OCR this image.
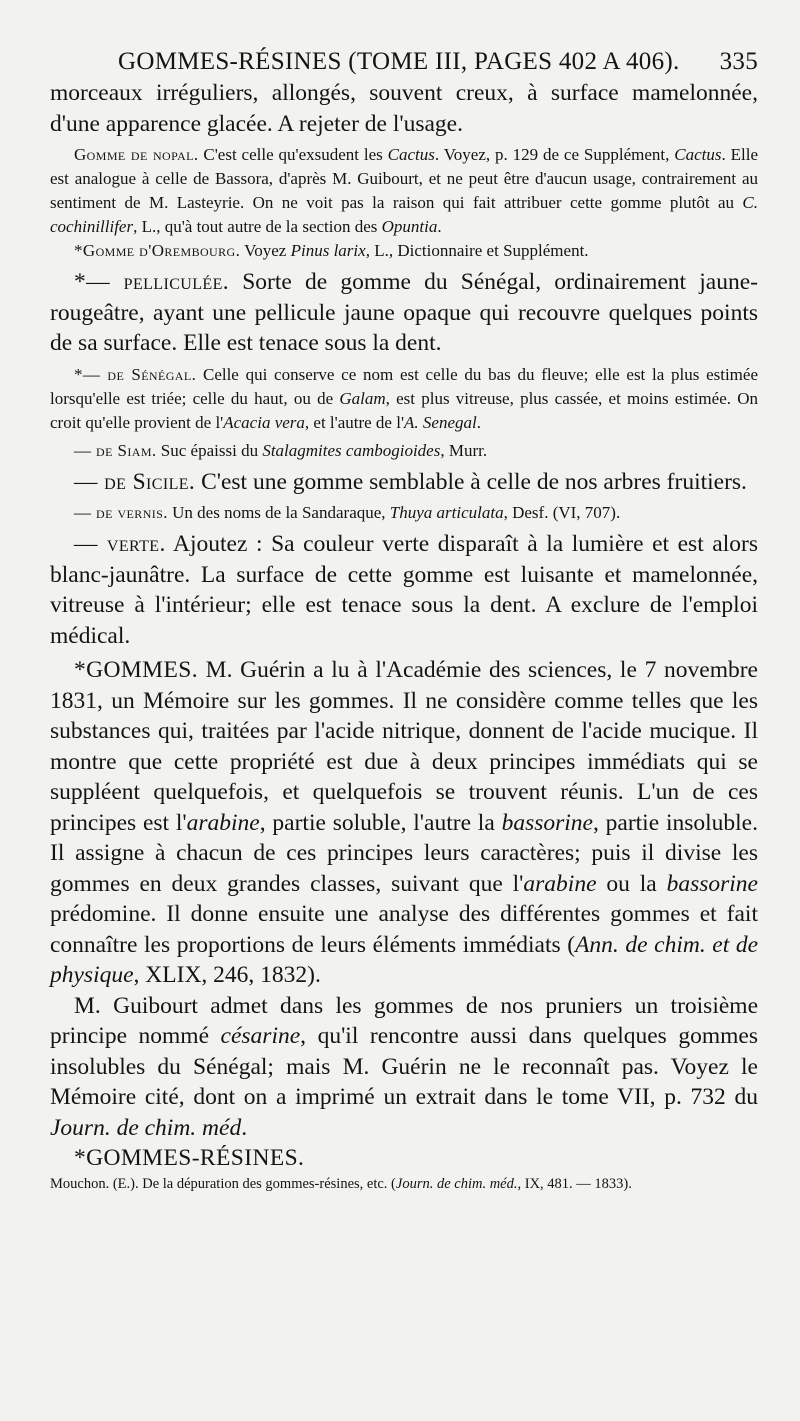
GOMMES-RÉSINES (TOME III, PAGES 402 A 406). 335

morceaux irréguliers, allongés, souvent creux, à surface mamelonnée, d'une apparence glacée. A rejeter de l'usage.

Gomme de nopal. C'est celle qu'exsudent les Cactus. Voyez, p. 129 de ce Supplément, Cactus. Elle est analogue à celle de Bassora, d'après M. Guibourt, et ne peut être d'aucun usage, contrairement au sentiment de M. Lasteyrie. On ne voit pas la raison qui fait attribuer cette gomme plutôt au C. cochinillifer, L., qu'à tout autre de la section des Opuntia.

*Gomme d'Orembourg. Voyez Pinus larix, L., Dictionnaire et Supplément.

*— pelliculée. Sorte de gomme du Sénégal, ordinairement jaune-rougeâtre, ayant une pellicule jaune opaque qui recouvre quelques points de sa surface. Elle est tenace sous la dent.

*— de Sénégal. Celle qui conserve ce nom est celle du bas du fleuve; elle est la plus estimée lorsqu'elle est triée; celle du haut, ou de Galam, est plus vitreuse, plus cassée, et moins estimée. On croit qu'elle provient de l'Acacia vera, et l'autre de l'A. Senegal.

— de Siam. Suc épaissi du Stalagmites cambogioides, Murr.

— de Sicile. C'est une gomme semblable à celle de nos arbres fruitiers.

— de vernis. Un des noms de la Sandaraque, Thuya articulata, Desf. (VI, 707).

— verte. Ajoutez : Sa couleur verte disparaît à la lumière et est alors blanc-jaunâtre. La surface de cette gomme est luisante et mamelonnée, vitreuse à l'intérieur; elle est tenace sous la dent. A exclure de l'emploi médical.

*GOMMES. M. Guérin a lu à l'Académie des sciences, le 7 novembre 1831, un Mémoire sur les gommes. Il ne considère comme telles que les substances qui, traitées par l'acide nitrique, donnent de l'acide mucique. Il montre que cette propriété est due à deux principes immédiats qui se suppléent quelquefois, et quelquefois se trouvent réunis. L'un de ces principes est l'arabine, partie soluble, l'autre la bassorine, partie insoluble. Il assigne à chacun de ces principes leurs caractères; puis il divise les gommes en deux grandes classes, suivant que l'arabine ou la bassorine prédomine. Il donne ensuite une analyse des différentes gommes et fait connaître les proportions de leurs éléments immédiats (Ann. de chim. et de physique, XLIX, 246, 1832).

M. Guibourt admet dans les gommes de nos pruniers un troisième principe nommé césarine, qu'il rencontre aussi dans quelques gommes insolubles du Sénégal; mais M. Guérin ne le reconnaît pas. Voyez le Mémoire cité, dont on a imprimé un extrait dans le tome VII, p. 732 du Journ. de chim. méd.

*GOMMES-RÉSINES.

Mouchon. (E.). De la dépuration des gommes-résines, etc. (Journ. de chim. méd., IX, 481. — 1833).
